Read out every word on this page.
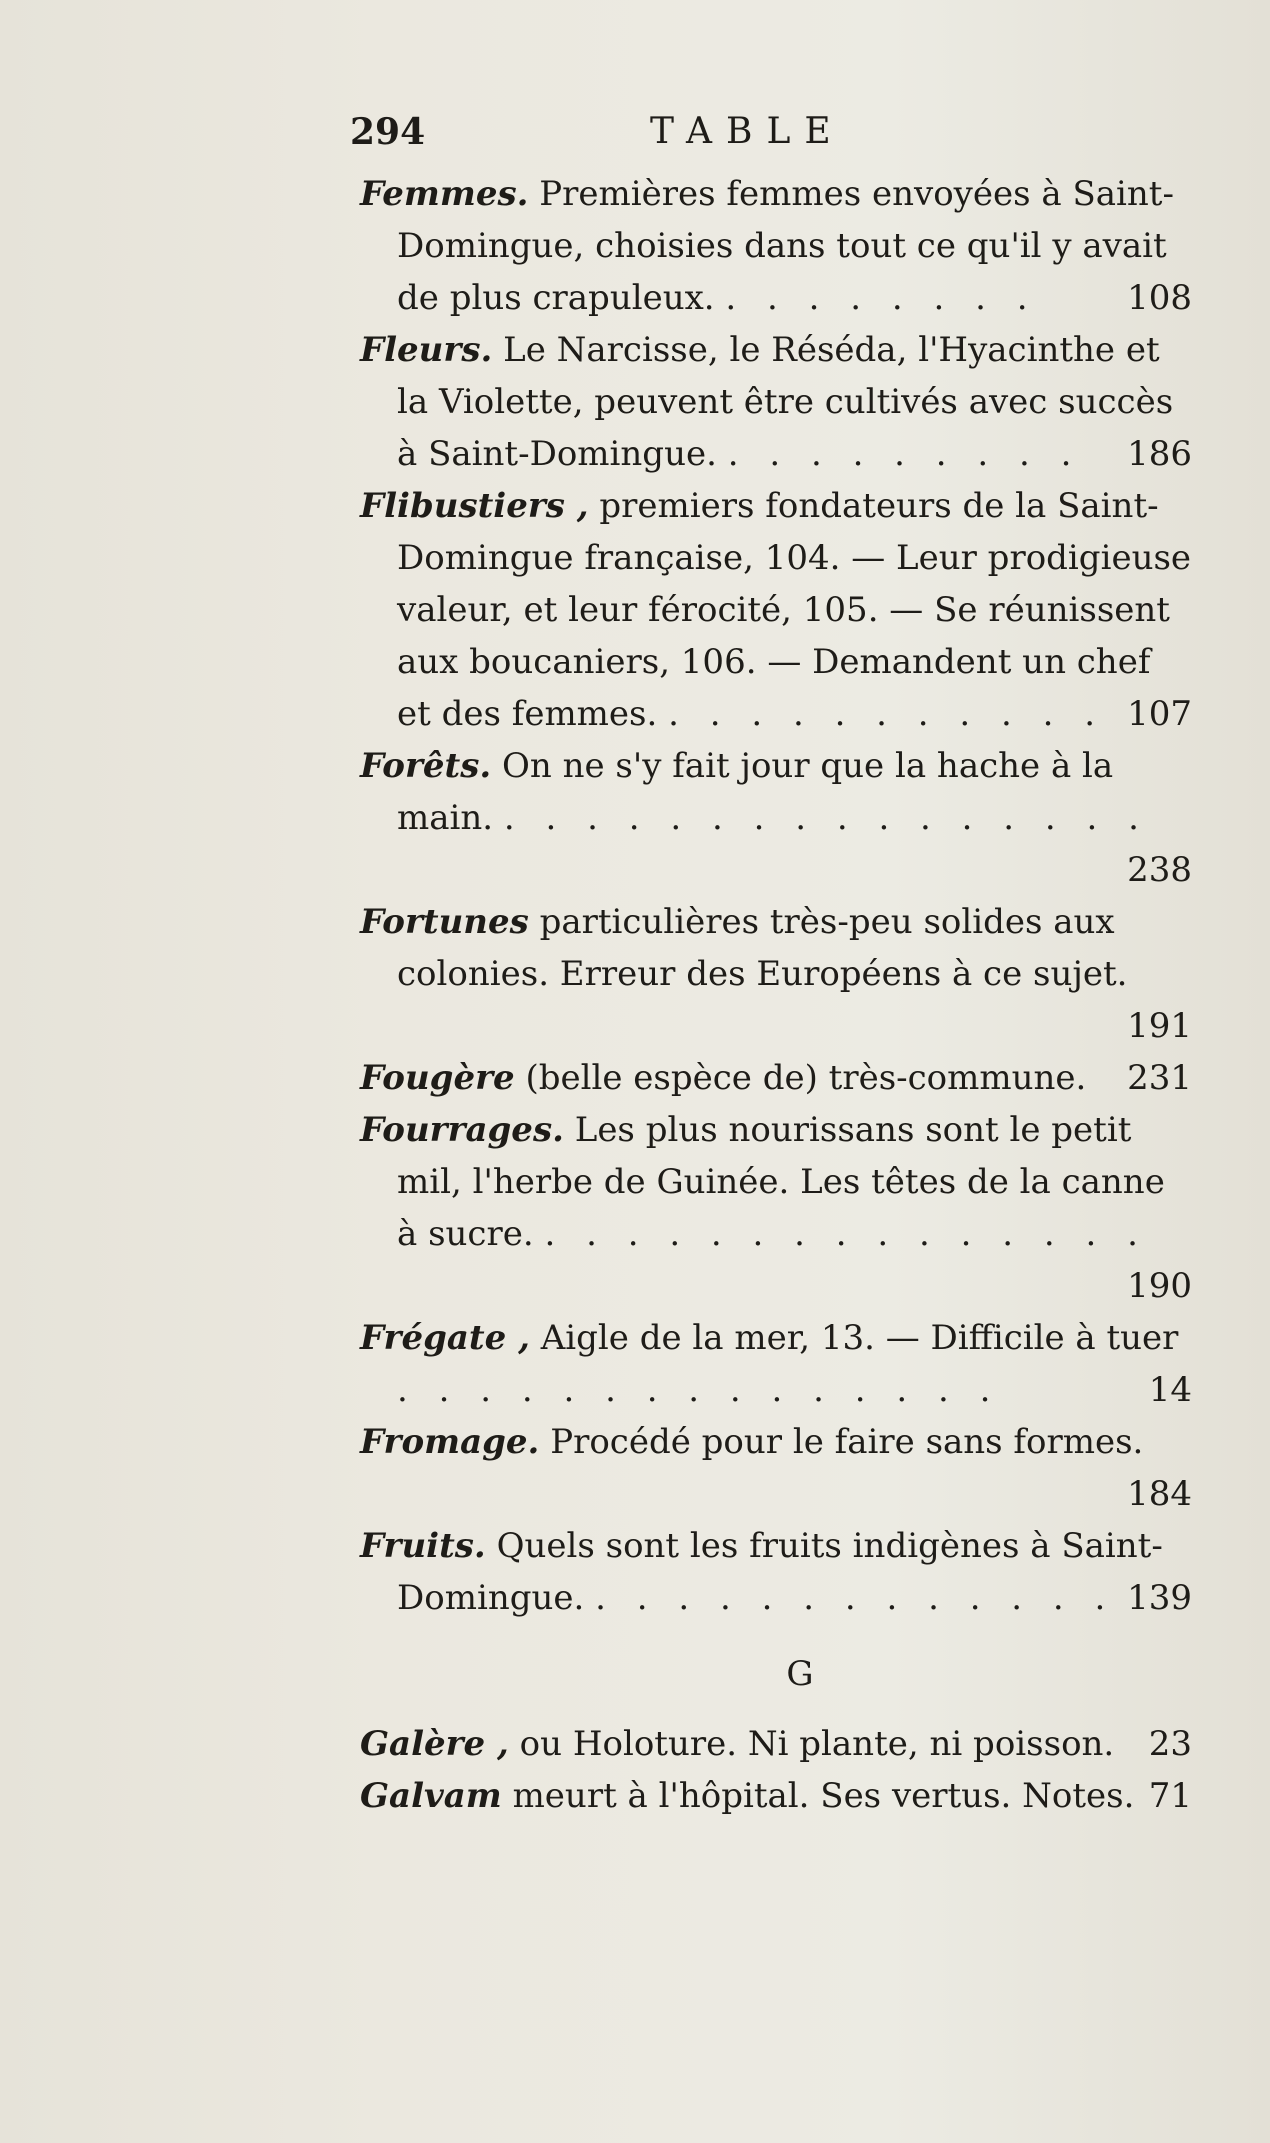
294	TABLE
Femmes. Premières femmes envoyées à Saint-Domingue, choisies dans tout ce qu'il y avait de plus crapuleux. . . . . . . . .	108
Fleurs. Le Narcisse, le Réséda, l'Hyacinthe et la Violette, peuvent être cultivés avec succès à Saint-Domingue. . . . . . . . . . 186
Flibustiers , premiers fondateurs de la Saint-Domingue française, 104. — Leur prodigieuse valeur, et leur férocité, 105. — Se réunissent aux boucaniers, 106. — Demandent un chef et des femmes. . . . . . . . . . . . 107
Forêts. On ne s'y fait jour que la hache à la main. . . . . . . . . . . . . . . . .
238
Fortunes particulières très-peu solides aux colonies. Erreur des Européens à ce sujet.
191
Fougère (belle espèce de) très-commune. 231
Fourrages. Les plus nourissans sont le petit mil, l'herbe de Guinée. Les têtes de la canne à sucre. . . . . . . . . . . . . . . .
190
Frégate , Aigle de la mer, 13. — Difficile à tuer . . . . . . . . . . . . . . .	14
Fromage. Procédé pour le faire sans formes.
184
Fruits. Quels sont les fruits indigènes à Saint-Domingue. . . . . . . . . . . . . . 139
G
Galère , ou Holoture. Ni plante, ni poisson. 23
Galvam meurt à l'hôpital. Ses vertus. Notes. 71
